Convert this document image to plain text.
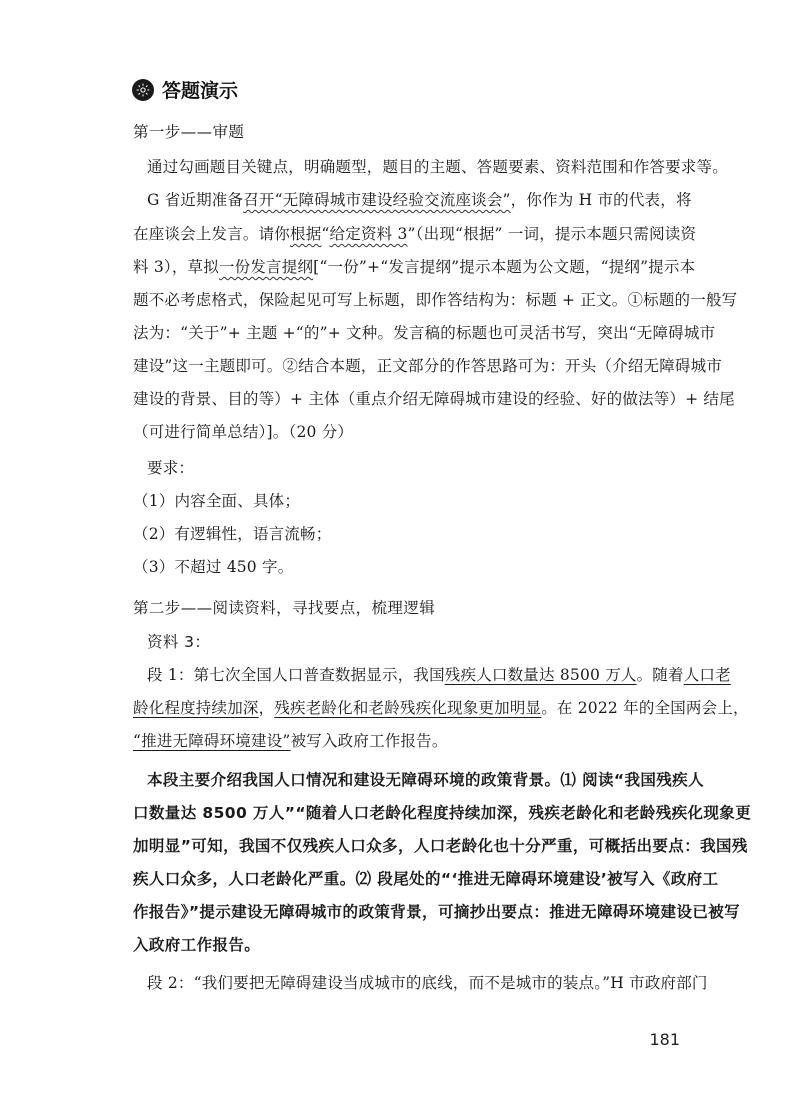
答题演示
第一步——审题
通过勾画题目关键点，明确题型，题目的主题、答题要素、资料范围和作答要求等。
G 省近期准备召开“无障碍城市建设经验交流座谈会”，你作为 H 市的代表，将
在座谈会上发言。请你根据“给定资料 3”（出现“根据” 一词，提示本题只需阅读资
料 3），草拟一份发言提纲[“一份”+“发言提纲”提示本题为公文题，“提纲”提示本
题不必考虑格式，保险起见可写上标题，即作答结构为：标题 + 正文。①标题的一般写
法为：“关于”+ 主题 +“的”+ 文种。发言稿的标题也可灵活书写，突出“无障碍城市
建设”这一主题即可。②结合本题，正文部分的作答思路可为：开头（介绍无障碍城市
建设的背景、目的等）+ 主体（重点介绍无障碍城市建设的经验、好的做法等）+ 结尾
（可进行简单总结）]。（20 分）
要求：
（1）内容全面、具体；
（2）有逻辑性，语言流畅；
（3）不超过 450 字。
第二步——阅读资料，寻找要点，梳理逻辑
资料 3：
段 1：第七次全国人口普查数据显示，我国残疾人口数量达 8500 万人。随着人口老
龄化程度持续加深，残疾老龄化和老龄残疾化现象更加明显。在 2022 年的全国两会上，
“推进无障碍环境建设”被写入政府工作报告。
本段主要介绍我国人口情况和建设无障碍环境的政策背景。⑴ 阅读“我国残疾人
口数量达 8500 万人”“随着人口老龄化程度持续加深，残疾老龄化和老龄残疾化现象更
加明显”可知，我国不仅残疾人口众多，人口老龄化也十分严重，可概括出要点：我国残
疾人口众多，人口老龄化严重。⑵ 段尾处的“‘推进无障碍环境建设’被写入《政府工
作报告》”提示建设无障碍城市的政策背景，可摘抄出要点：推进无障碍环境建设已被写
入政府工作报告。
段 2：“我们要把无障碍建设当成城市的底线，而不是城市的装点。”H 市政府部门
181
